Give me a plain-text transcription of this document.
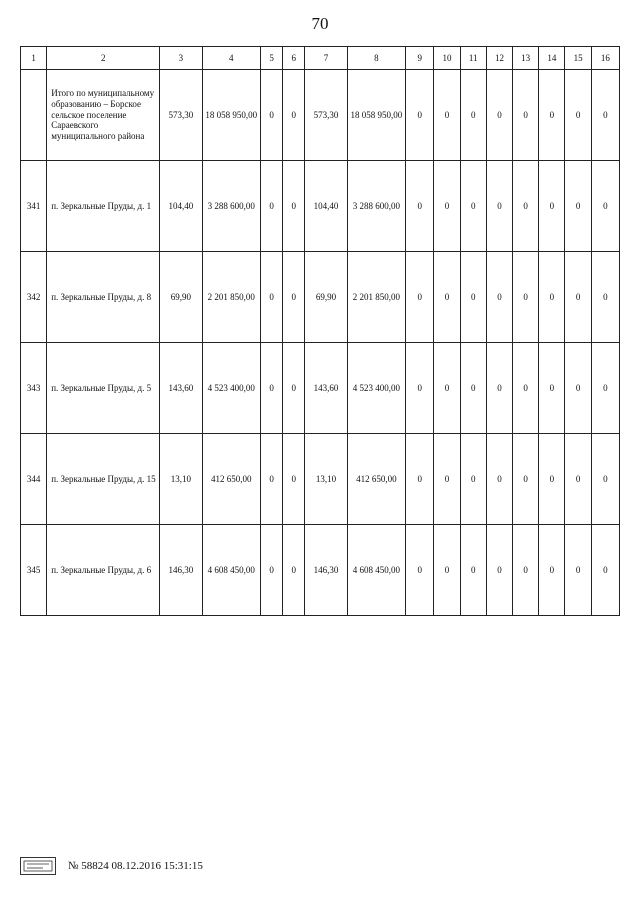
70
1	2	3	4	5	6	7	8	9	10	11	12	13	14	15	16
	Итого по муниципальному образованию – Борское сельское поселение Сараевского муниципального района	573,30	18 058 950,00	0	0	573,30	18 058 950,00	0	0	0	0	0	0	0	0
341	п. Зеркальные Пруды, д. 1	104,40	3 288 600,00	0	0	104,40	3 288 600,00	0	0	0	0	0	0	0	0
342	п. Зеркальные Пруды, д. 8	69,90	2 201 850,00	0	0	69,90	2 201 850,00	0	0	0	0	0	0	0	0
343	п. Зеркальные Пруды, д. 5	143,60	4 523 400,00	0	0	143,60	4 523 400,00	0	0	0	0	0	0	0	0
344	п. Зеркальные Пруды, д. 15	13,10	412 650,00	0	0	13,10	412 650,00	0	0	0	0	0	0	0	0
345	п. Зеркальные Пруды, д. 6	146,30	4 608 450,00	0	0	146,30	4 608 450,00	0	0	0	0	0	0	0	0
№ 58824 08.12.2016 15:31:15
